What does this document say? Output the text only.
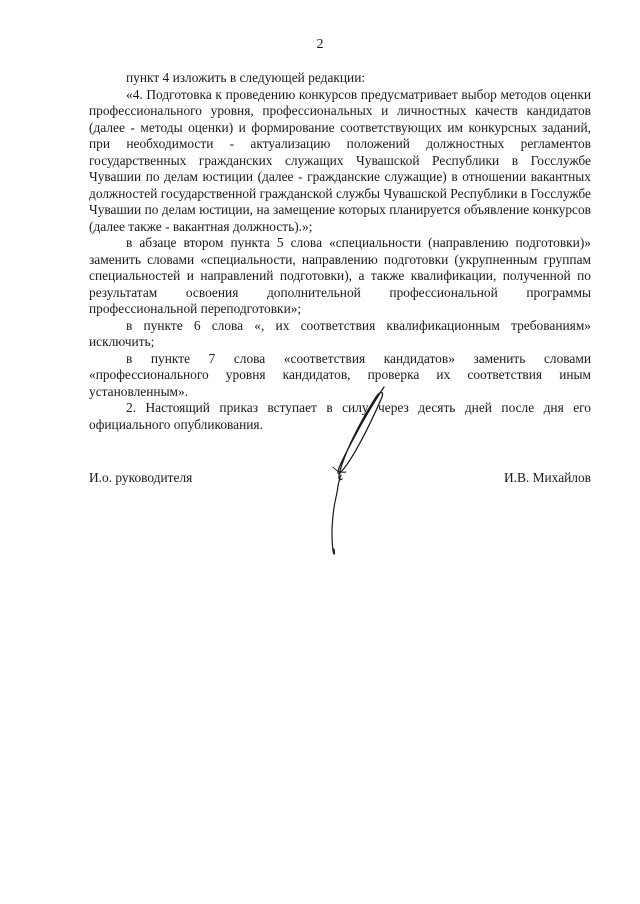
2

пункт 4 изложить в следующей редакции:

«4. Подготовка к проведению конкурсов предусматривает выбор методов оценки профессионального уровня, профессиональных и личностных качеств кандидатов (далее - методы оценки) и формирование соответствующих им конкурсных заданий, при необходимости - актуализацию положений должностных регламентов государственных гражданских служащих Чувашской Республики в Госслужбе Чувашии по делам юстиции (далее - гражданские служащие) в отношении вакантных должностей государственной гражданской службы Чувашской Республики в Госслужбе Чувашии по делам юстиции, на замещение которых планируется объявление конкурсов (далее также - вакантная должность).»;

в абзаце втором пункта 5 слова «специальности (направлению подготовки)» заменить словами «специальности, направлению подготовки (укрупненным группам специальностей и направлений подготовки), а также квалификации, полученной по результатам освоения дополнительной профессиональной программы профессиональной переподготовки»;

в пункте 6 слова «, их соответствия квалификационным требованиям» исключить;

в пункте 7 слова «соответствия кандидатов» заменить словами «профессионального уровня кандидатов, проверка их соответствия иным установленным».

2. Настоящий приказ вступает в силу через десять дней после дня его официального опубликования.

И.о. руководителя	И.В. Михайлов
